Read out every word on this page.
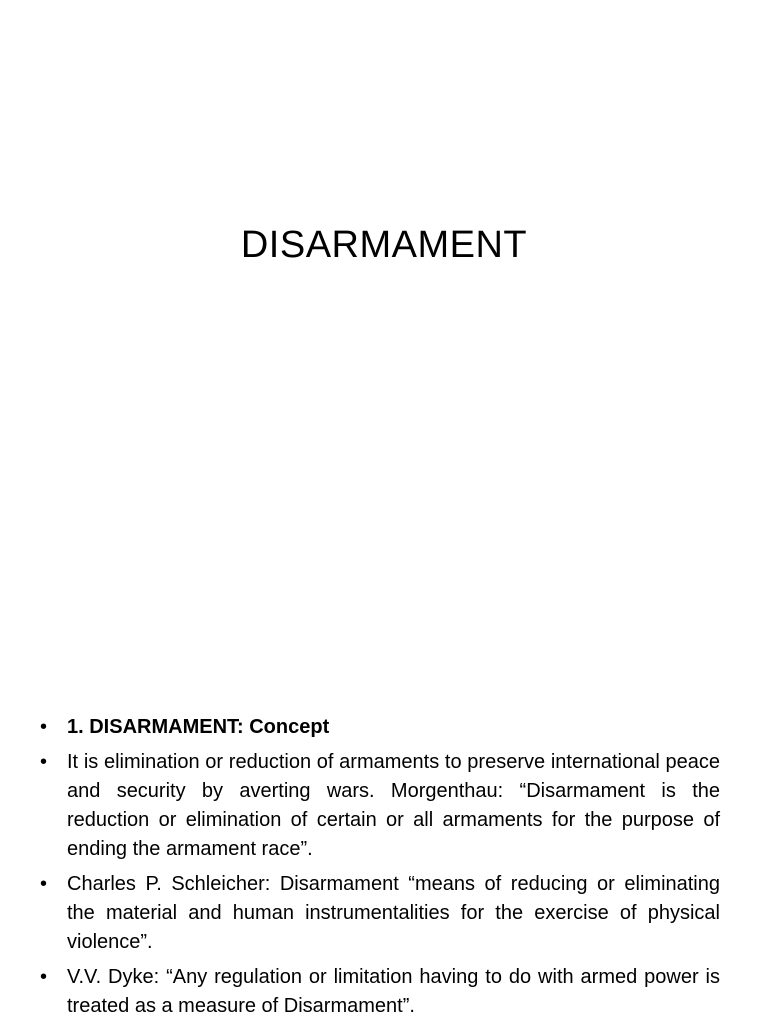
DISARMAMENT
• 1. DISARMAMENT: Concept
• It is elimination or reduction of armaments to preserve international peace and security by averting wars. Morgenthau: “Disarmament is the reduction or elimination of certain or all armaments for the purpose of ending the armament race”.
• Charles P. Schleicher: Disarmament “means of reducing or eliminating the material and human instrumentalities for the exercise of physical violence”.
• V.V. Dyke: “Any regulation or limitation having to do with armed power is treated as a measure of Disarmament”.
